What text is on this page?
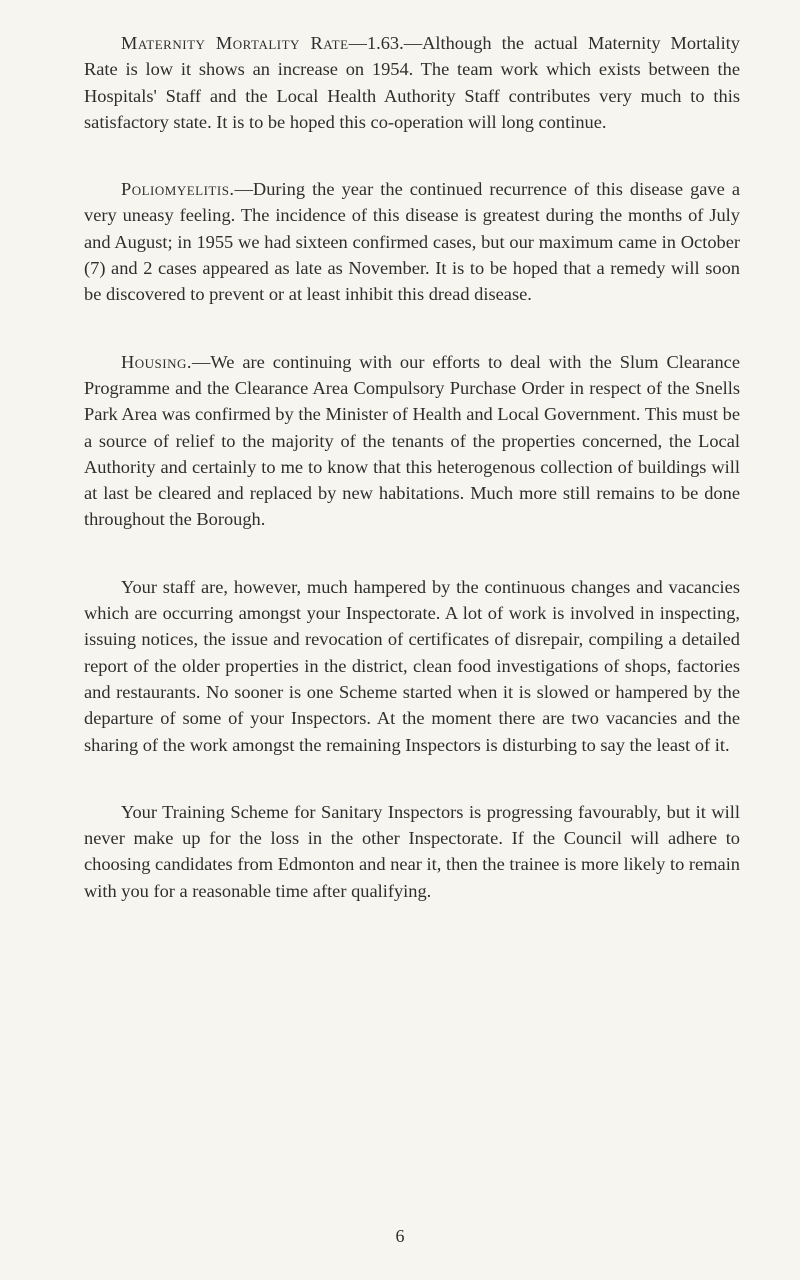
Maternity Mortality Rate—1.63.—Although the actual Maternity Mortality Rate is low it shows an increase on 1954. The team work which exists between the Hospitals' Staff and the Local Health Authority Staff contributes very much to this satisfactory state. It is to be hoped this co-operation will long continue.

Poliomyelitis.—During the year the continued recurrence of this disease gave a very uneasy feeling. The incidence of this disease is greatest during the months of July and August; in 1955 we had sixteen confirmed cases, but our maximum came in October (7) and 2 cases appeared as late as November. It is to be hoped that a remedy will soon be discovered to prevent or at least inhibit this dread disease.

Housing.—We are continuing with our efforts to deal with the Slum Clearance Programme and the Clearance Area Compulsory Purchase Order in respect of the Snells Park Area was confirmed by the Minister of Health and Local Government. This must be a source of relief to the majority of the tenants of the properties concerned, the Local Authority and certainly to me to know that this heterogenous collection of buildings will at last be cleared and replaced by new habitations. Much more still remains to be done throughout the Borough.

Your staff are, however, much hampered by the continuous changes and vacancies which are occurring amongst your Inspectorate. A lot of work is involved in inspecting, issuing notices, the issue and revocation of certificates of disrepair, compiling a detailed report of the older properties in the district, clean food investigations of shops, factories and restaurants. No sooner is one Scheme started when it is slowed or hampered by the departure of some of your Inspectors. At the moment there are two vacancies and the sharing of the work amongst the remaining Inspectors is disturbing to say the least of it.

Your Training Scheme for Sanitary Inspectors is progressing favourably, but it will never make up for the loss in the other Inspectorate. If the Council will adhere to choosing candidates from Edmonton and near it, then the trainee is more likely to remain with you for a reasonable time after qualifying.

6
